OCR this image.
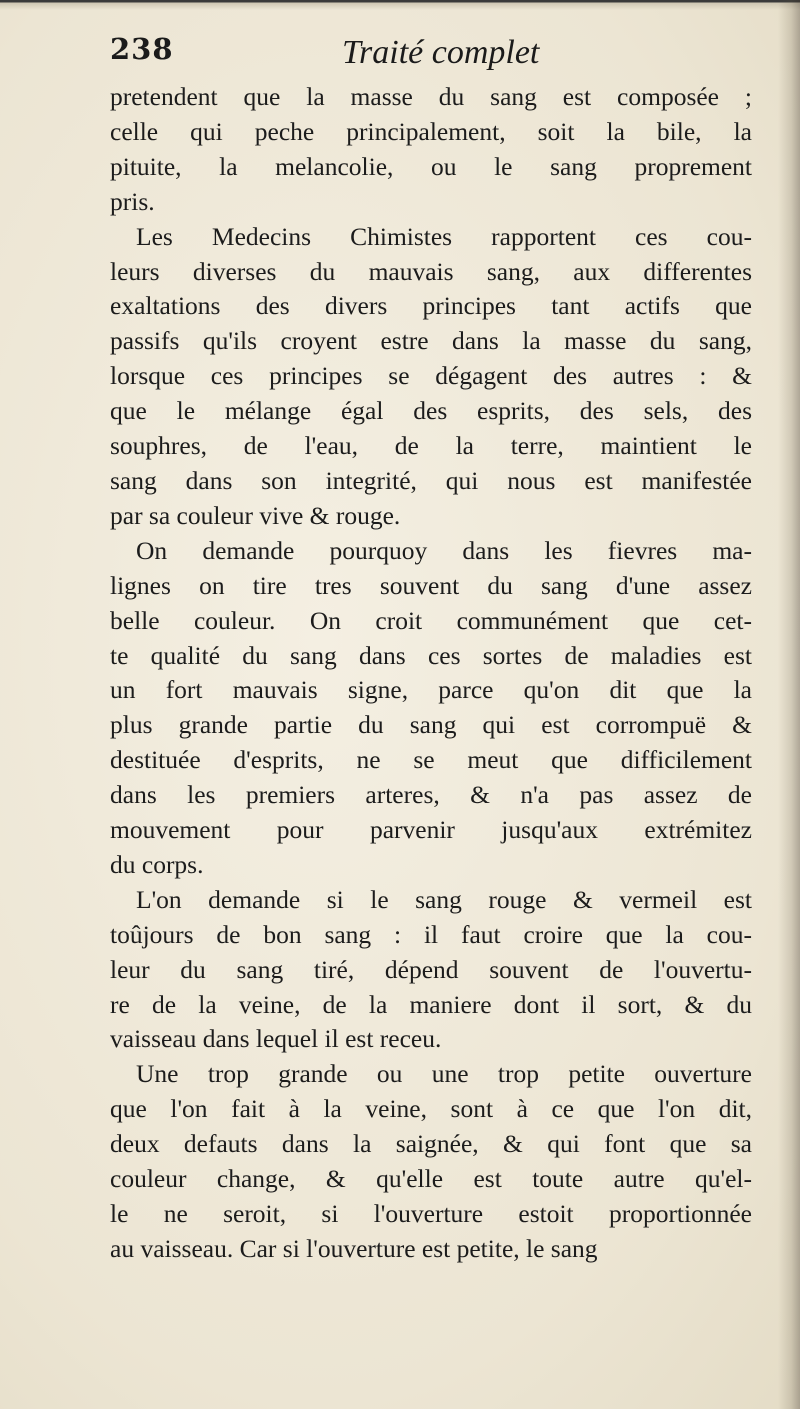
238	Traité complet
pretendent que la masse du sang est composée ;
celle qui peche principalement, soit la bile, la
pituite, la melancolie, ou le sang proprement
pris.
Les Medecins Chimistes rapportent ces cou-
leurs diverses du mauvais sang, aux differentes
exaltations des divers principes tant actifs que
passifs qu'ils croyent estre dans la masse du sang,
lorsque ces principes se dégagent des autres : &
que le mélange égal des esprits, des sels, des
souphres, de l'eau, de la terre, maintient le
sang dans son integrité, qui nous est manifestée
par sa couleur vive & rouge.
On demande pourquoy dans les fievres ma-
lignes on tire tres souvent du sang d'une assez
belle couleur. On croit communément que cet-
te qualité du sang dans ces sortes de maladies est
un fort mauvais signe, parce qu'on dit que la
plus grande partie du sang qui est corrompuë &
destituée d'esprits, ne se meut que difficilement
dans les premiers arteres, & n'a pas assez de
mouvement pour parvenir jusqu'aux extrémitez
du corps.
L'on demande si le sang rouge & vermeil est
toûjours de bon sang : il faut croire que la cou-
leur du sang tiré, dépend souvent de l'ouvertu-
re de la veine, de la maniere dont il sort, & du
vaisseau dans lequel il est receu.
Une trop grande ou une trop petite ouverture
que l'on fait à la veine, sont à ce que l'on dit,
deux defauts dans la saignée, & qui font que sa
couleur change, & qu'elle est toute autre qu'el-
le ne seroit, si l'ouverture estoit proportionnée
au vaisseau. Car si l'ouverture est petite, le sang
